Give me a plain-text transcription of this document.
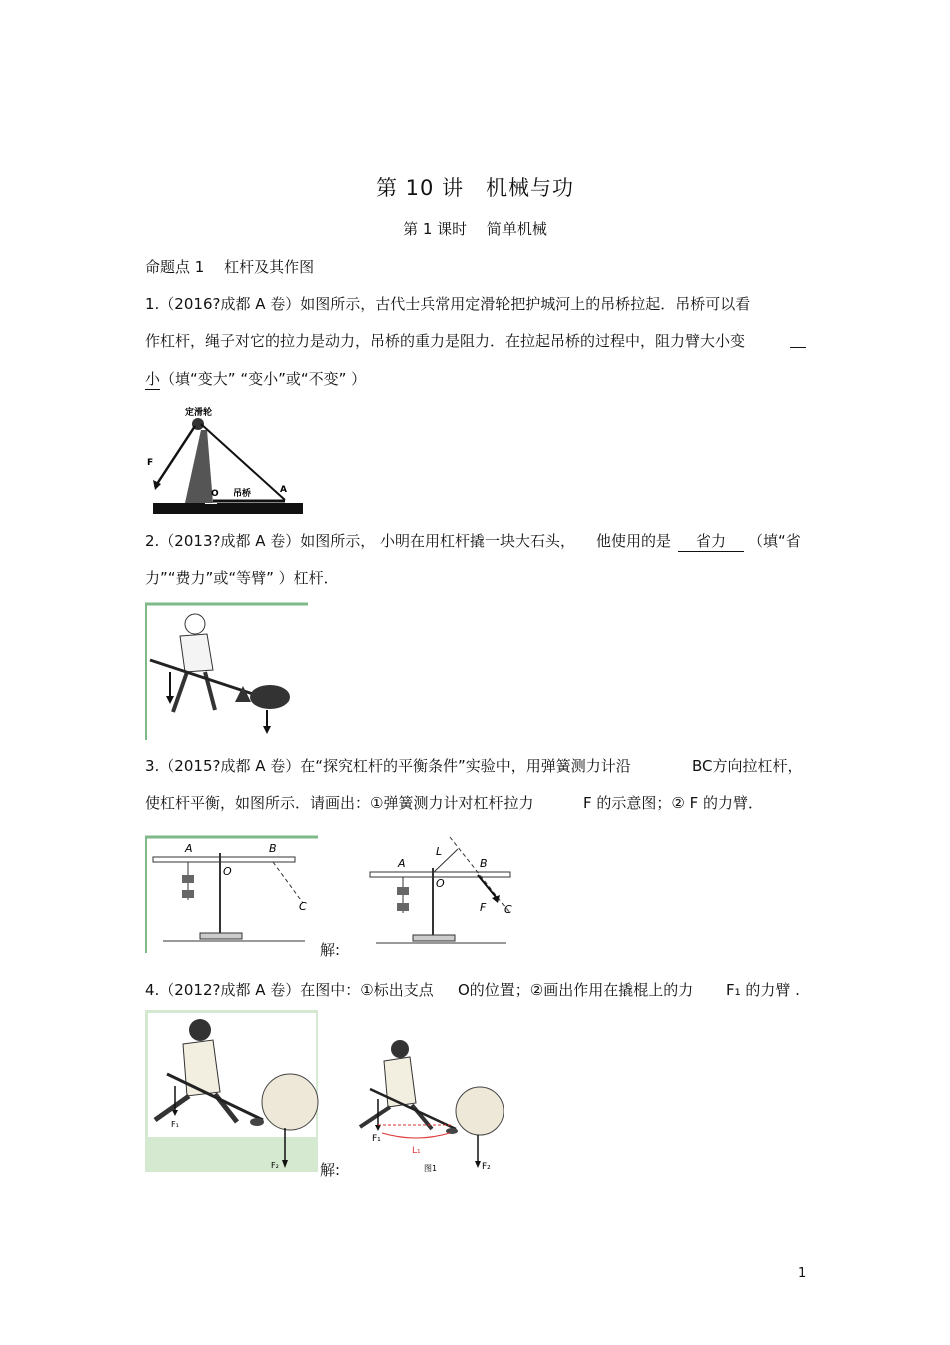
第 10 讲　机械与功
第 1 课时　 简单机械
命题点 1　 杠杆及其作图
1.（2016?成都 A 卷）如图所示，古代士兵常用定滑轮把护城河上的吊桥拉起．吊桥可以看
作杠杆，绳子对它的拉力是动力，吊桥的重力是阻力．在拉起吊桥的过程中，阻力臂大小变
小（填“变大” “变小”或“不变” ）
定滑轮
F
O 吊桥	A
2.（2013?成都 A 卷）如图所示， 小明在用杠杆撬一块大石头， 他使用的是	省力	（填“省
力”“费力”或“等臂” ）杠杆．
3.（2015?成都 A 卷）在“探究杠杆的平衡条件”实验中，用弹簧测力计沿	BC方向拉杠杆，
使杠杆平衡，如图所示．请画出：①弹簧测力计对杠杆拉力	F 的示意图；② F 的力臂．
A
O
B
C
解:
A
O
B
L
F C
4.（2012?成都 A 卷）在图中：①标出支点 O的位置；②画出作用在撬棍上的力 F₁ 的力臂 .
F₁
F₂	解:
F₁
L₁
F₂
图1
1
